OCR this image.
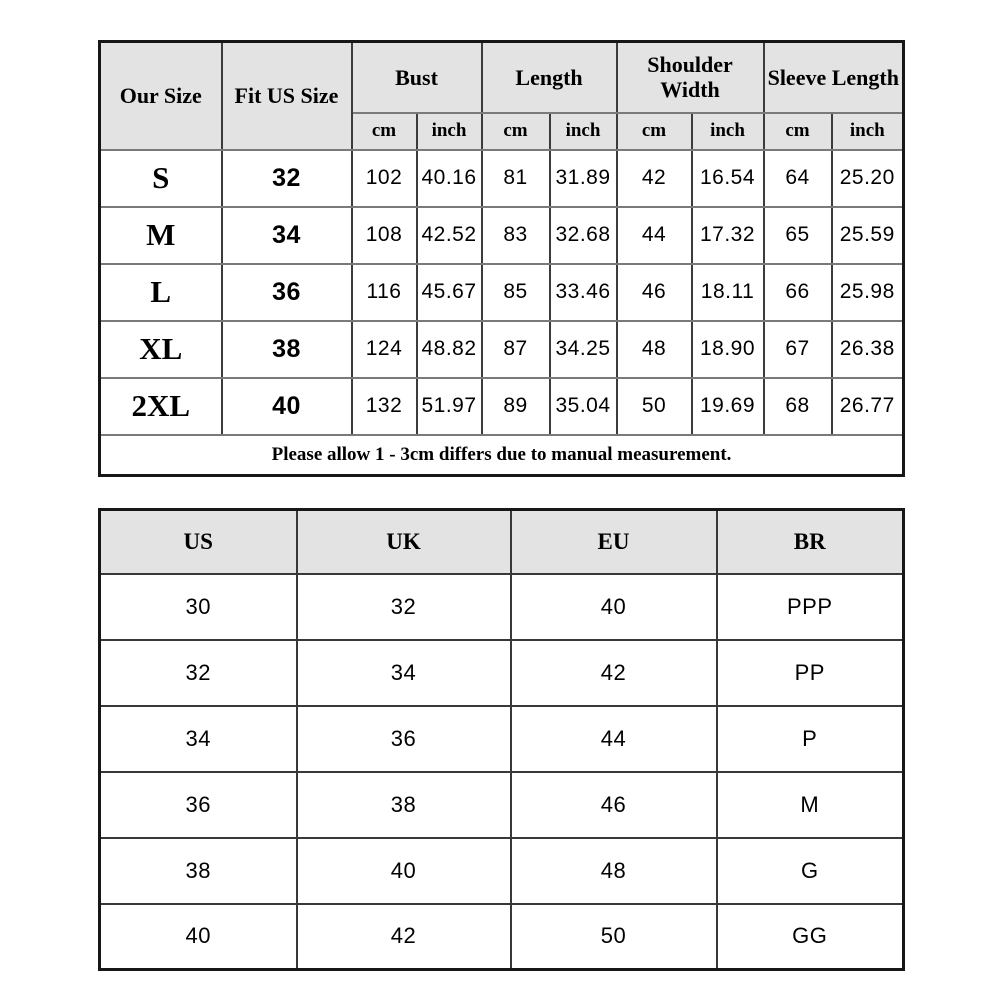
Our Size	Fit US Size	Bust		Length		Shoulder Width		Sleeve Length	
		cm	inch	cm	inch	cm	inch	cm	inch
S	32	102	40.16	81	31.89	42	16.54	64	25.20
M	34	108	42.52	83	32.68	44	17.32	65	25.59
L	36	116	45.67	85	33.46	46	18.11	66	25.98
XL	38	124	48.82	87	34.25	48	18.90	67	26.38
2XL	40	132	51.97	89	35.04	50	19.69	68	26.77
Please allow 1 - 3cm differs due to manual measurement.									
US	UK	EU	BR
30	32	40	PPP
32	34	42	PP
34	36	44	P
36	38	46	M
38	40	48	G
40	42	50	GG
